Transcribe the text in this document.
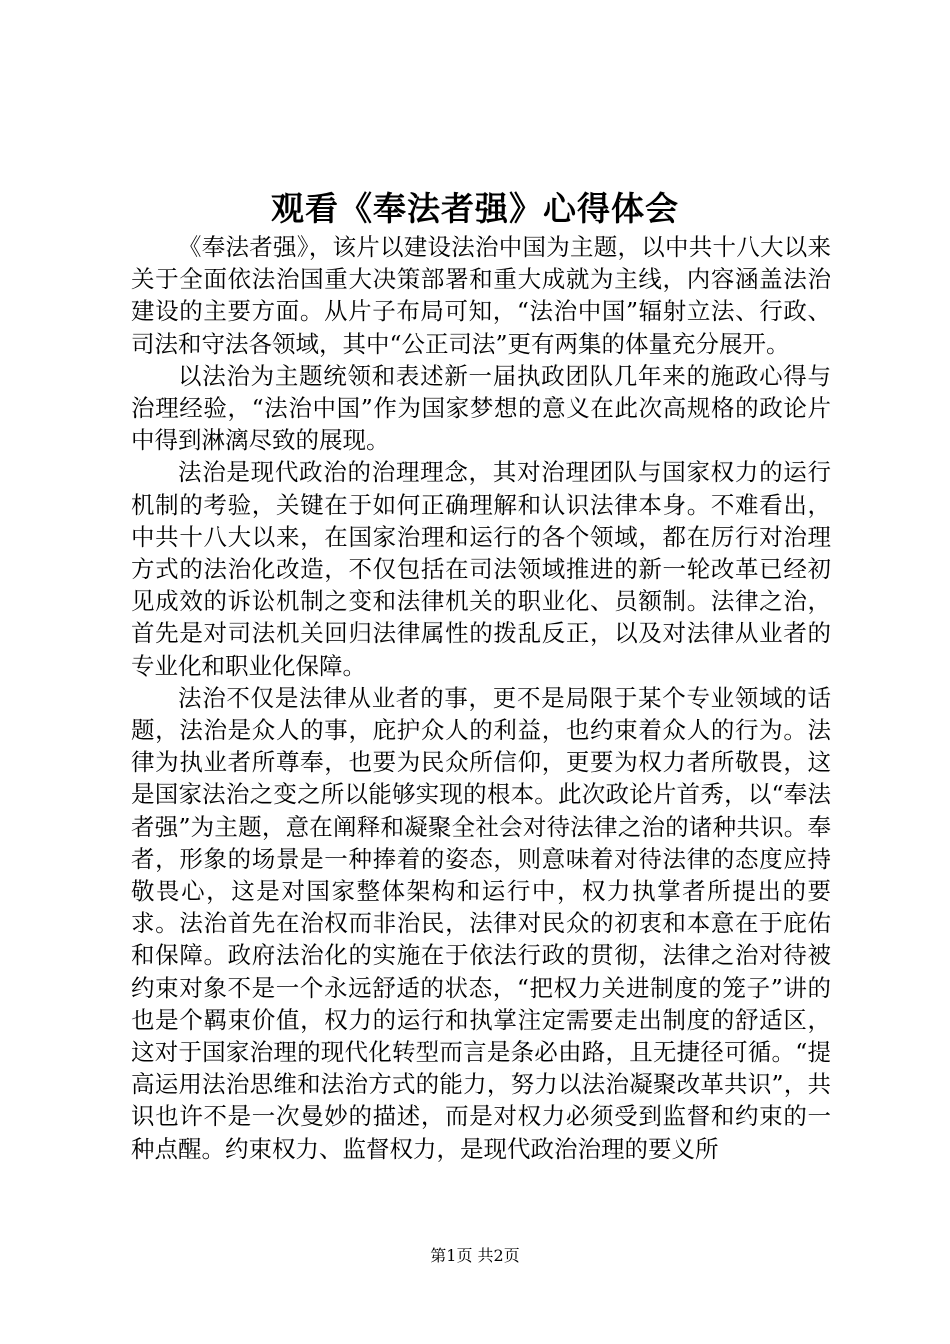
观看《奉法者强》心得体会

《奉法者强》，该片以建设法治中国为主题，以中共十八大以来关于全面依法治国重大决策部署和重大成就为主线，内容涵盖法治建设的主要方面。从片子布局可知，“法治中国”辐射立法、行政、司法和守法各领域，其中“公正司法”更有两集的体量充分展开。

以法治为主题统领和表述新一届执政团队几年来的施政心得与治理经验，“法治中国”作为国家梦想的意义在此次高规格的政论片中得到淋漓尽致的展现。

法治是现代政治的治理理念，其对治理团队与国家权力的运行机制的考验，关键在于如何正确理解和认识法律本身。不难看出，中共十八大以来，在国家治理和运行的各个领域，都在厉行对治理方式的法治化改造，不仅包括在司法领域推进的新一轮改革已经初见成效的诉讼机制之变和法律机关的职业化、员额制。法律之治，首先是对司法机关回归法律属性的拨乱反正，以及对法律从业者的专业化和职业化保障。

法治不仅是法律从业者的事，更不是局限于某个专业领域的话题，法治是众人的事，庇护众人的利益，也约束着众人的行为。法律为执业者所尊奉，也要为民众所信仰，更要为权力者所敬畏，这是国家法治之变之所以能够实现的根本。此次政论片首秀，以“奉法者强”为主题，意在阐释和凝聚全社会对待法律之治的诸种共识。奉者，形象的场景是一种捧着的姿态，则意味着对待法律的态度应持敬畏心，这是对国家整体架构和运行中，权力执掌者所提出的要求。法治首先在治权而非治民，法律对民众的初衷和本意在于庇佑和保障。政府法治化的实施在于依法行政的贯彻，法律之治对待被约束对象不是一个永远舒适的状态，“把权力关进制度的笼子”讲的也是个羁束价值，权力的运行和执掌注定需要走出制度的舒适区，这对于国家治理的现代化转型而言是条必由路，且无捷径可循。“提高运用法治思维和法治方式的能力，努力以法治凝聚改革共识”，共识也许不是一次曼妙的描述，而是对权力必须受到监督和约束的一种点醒。约束权力、监督权力，是现代政治治理的要义所

第1页 共2页
